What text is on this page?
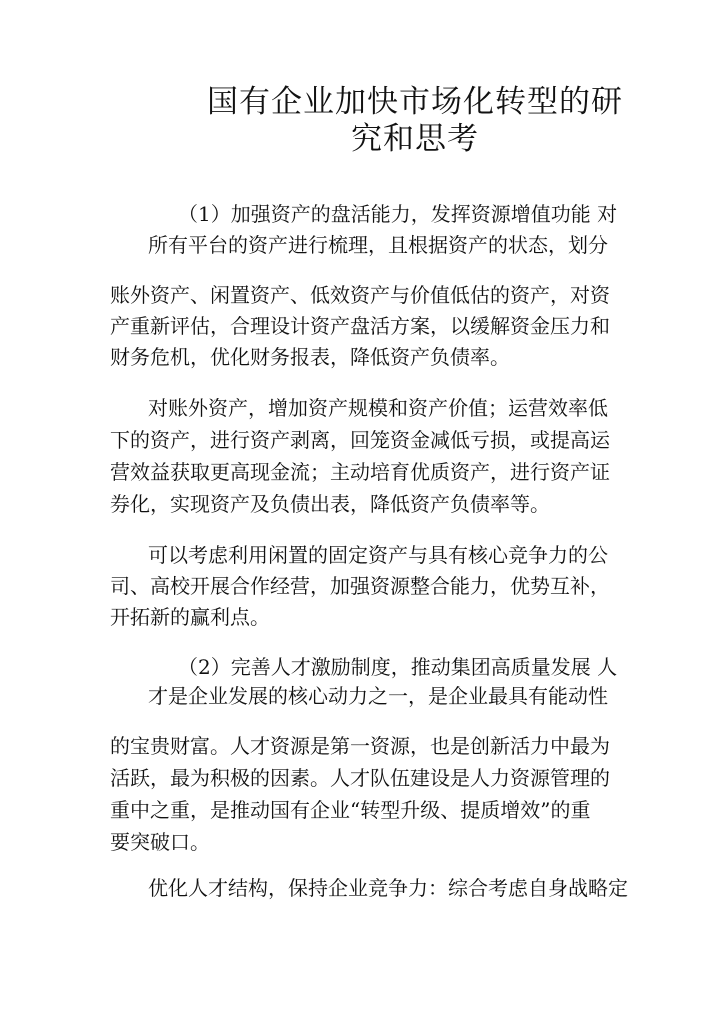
国有企业加快市场化转型的研
究和思考

（1）加强资产的盘活能力，发挥资源增值功能 对

所有平台的资产进行梳理，且根据资产的状态，划分

账外资产、闲置资产、低效资产与价值低估的资产，对资

产重新评估，合理设计资产盘活方案，以缓解资金压力和

财务危机，优化财务报表，降低资产负债率。

对账外资产，增加资产规模和资产价值；运营效率低

下的资产，进行资产剥离，回笼资金减低亏损，或提高运

营效益获取更高现金流；主动培育优质资产，进行资产证

券化，实现资产及负债出表，降低资产负债率等。

可以考虑利用闲置的固定资产与具有核心竞争力的公

司、高校开展合作经营，加强资源整合能力，优势互补，

开拓新的赢利点。

（2）完善人才激励制度，推动集团高质量发展 人

才是企业发展的核心动力之一，是企业最具有能动性

的宝贵财富。人才资源是第一资源，也是创新活力中最为

活跃，最为积极的因素。人才队伍建设是人力资源管理的

重中之重，是推动国有企业“转型升级、提质增效”的重

要突破口。

优化人才结构，保持企业竞争力：综合考虑自身战略定
